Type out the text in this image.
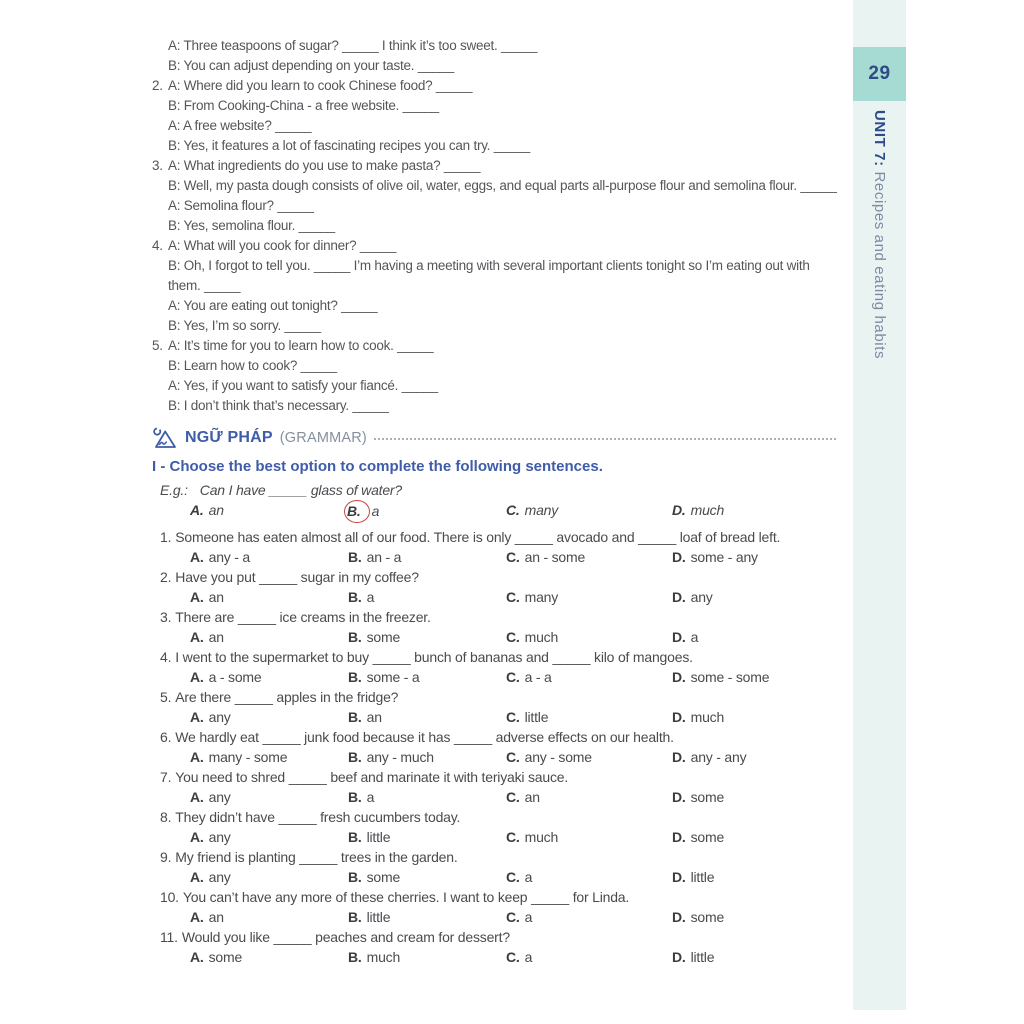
29
UNIT 7: Recipes and eating habits
A: Three teaspoons of sugar? _____ I think it’s too sweet. _____
B: You can adjust depending on your taste. _____
2. A: Where did you learn to cook Chinese food? _____
B: From Cooking-China - a free website. _____
A: A free website? _____
B: Yes, it features a lot of fascinating recipes you can try. _____
3. A: What ingredients do you use to make pasta? _____
B: Well, my pasta dough consists of olive oil, water, eggs, and equal parts all-purpose flour and semolina flour. _____
A: Semolina flour? _____
B: Yes, semolina flour. _____
4. A: What will you cook for dinner? _____
B: Oh, I forgot to tell you. _____ I’m having a meeting with several important clients tonight so I’m eating out with them. _____
A: You are eating out tonight? _____
B: Yes, I’m so sorry. _____
5. A: It’s time for you to learn how to cook. _____
B: Learn how to cook? _____
A: Yes, if you want to satisfy your fiancé. _____
B: I don’t think that’s necessary. _____
NGỮ PHÁP (GRAMMAR)
I - Choose the best option to complete the following sentences.
E.g.: Can I have _____ glass of water?
A. an	B. a	C. many	D. much
1. Someone has eaten almost all of our food. There is only _____ avocado and _____ loaf of bread left.
A. any - a	B. an - a	C. an - some	D. some - any
2. Have you put _____ sugar in my coffee?
A. an	B. a	C. many	D. any
3. There are _____ ice creams in the freezer.
A. an	B. some	C. much	D. a
4. I went to the supermarket to buy _____ bunch of bananas and _____ kilo of mangoes.
A. a - some	B. some - a	C. a - a	D. some - some
5. Are there _____ apples in the fridge?
A. any	B. an	C. little	D. much
6. We hardly eat _____ junk food because it has _____ adverse effects on our health.
A. many - some	B. any - much	C. any - some	D. any - any
7. You need to shred _____ beef and marinate it with teriyaki sauce.
A. any	B. a	C. an	D. some
8. They didn’t have _____ fresh cucumbers today.
A. any	B. little	C. much	D. some
9. My friend is planting _____ trees in the garden.
A. any	B. some	C. a	D. little
10. You can’t have any more of these cherries. I want to keep _____ for Linda.
A. an	B. little	C. a	D. some
11. Would you like _____ peaches and cream for dessert?
A. some	B. much	C. a	D. little
